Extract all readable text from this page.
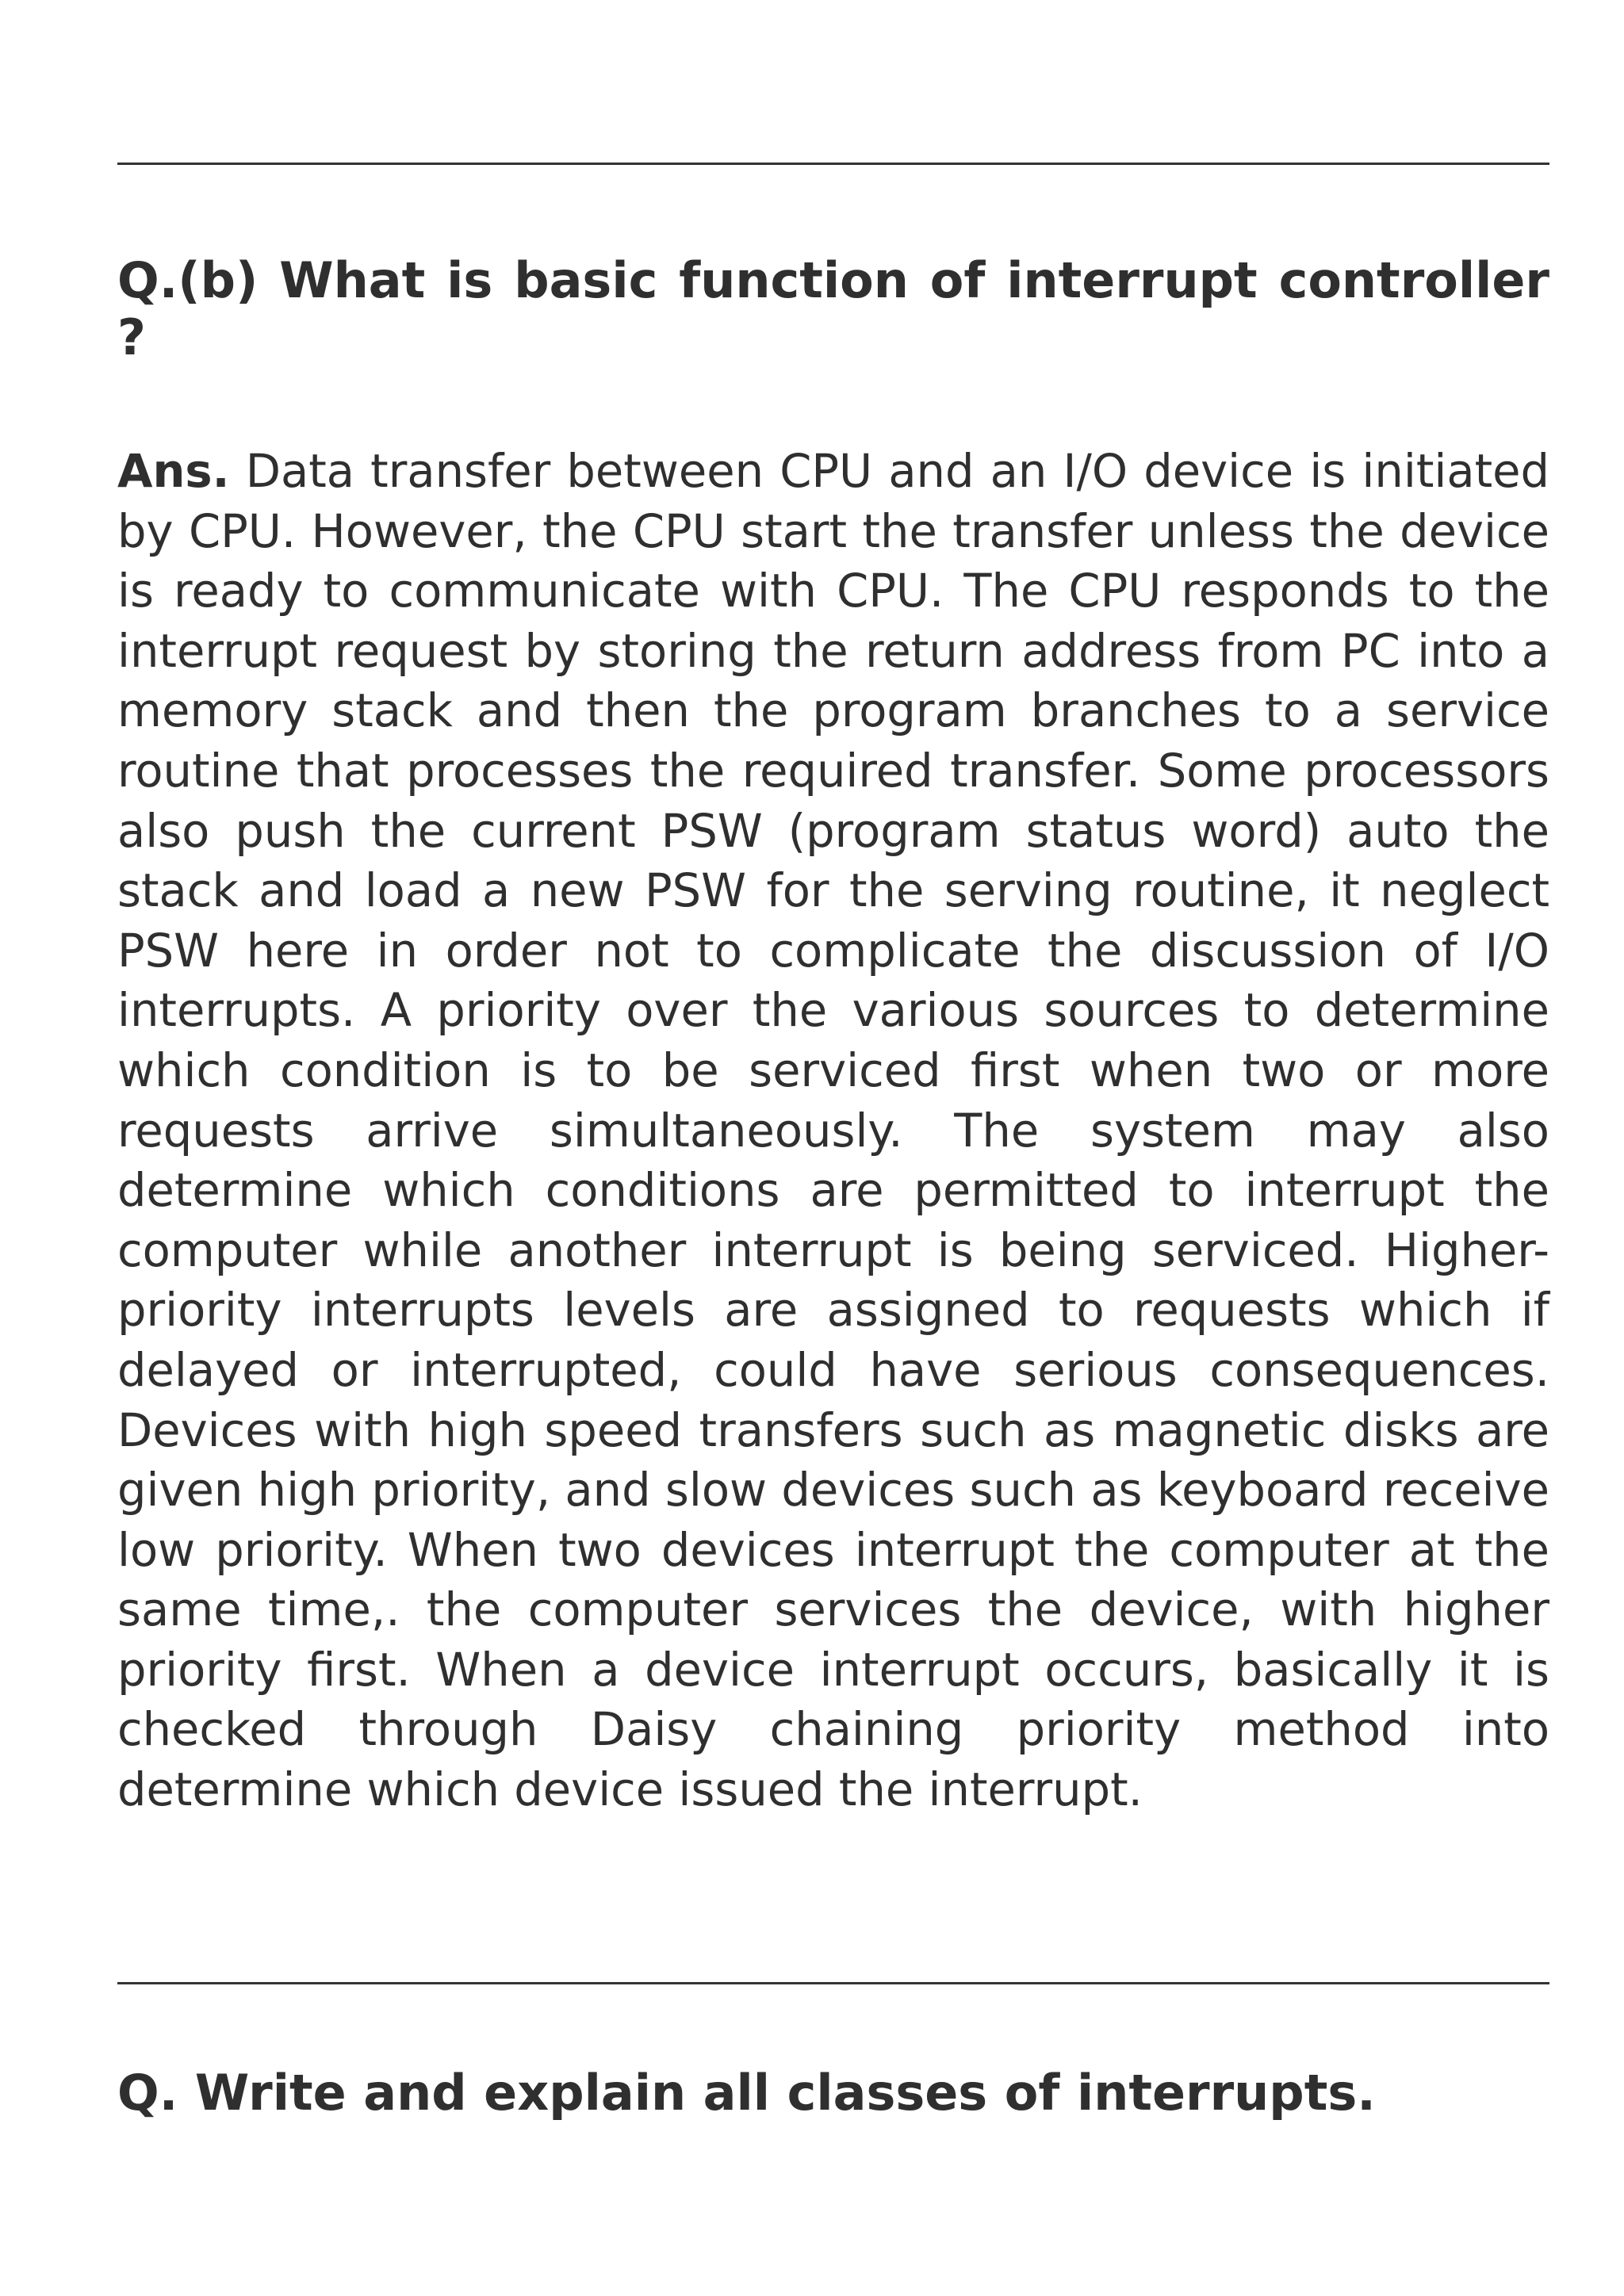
Q.(b) What is basic function of interrupt controller ?
Ans. Data transfer between CPU and an I/O device is initiated by CPU. However, the CPU start the transfer unless the device is ready to communicate with CPU. The CPU responds to the interrupt request by storing the return address from PC into a memory stack and then the program branches to a service routine that processes the required transfer. Some processors also push the current PSW (program status word) auto the stack and load a new PSW for the serving routine, it neglect PSW here in order not to complicate the discussion of I/O interrupts. A priority over the various sources to determine which condition is to be serviced first when two or more requests arrive simultaneously. The system may also determine which conditions are permitted to interrupt the computer while another interrupt is being serviced. Higher-priority interrupts levels are assigned to requests which if delayed or interrupted, could have serious consequences. Devices with high speed transfers such as magnetic disks are given high priority, and slow devices such as keyboard receive low priority. When two devices interrupt the computer at the same time,. the computer services the device, with higher priority first. When a device interrupt occurs, basically it is checked through Daisy chaining priority method into determine which device issued the interrupt.
Q. Write and explain all classes of interrupts.
